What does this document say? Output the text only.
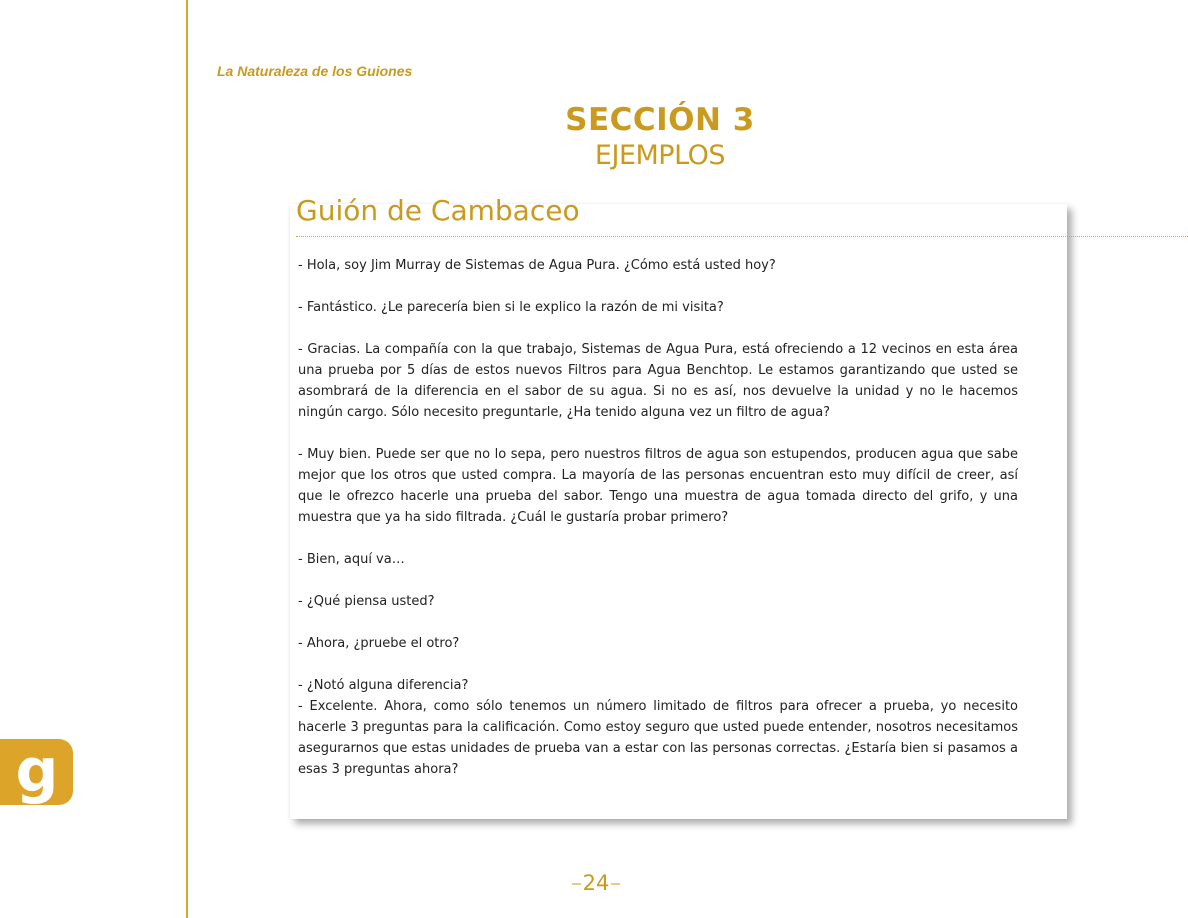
La Naturaleza de los Guiones
SECCIÓN 3
EJEMPLOS
Guión de Cambaceo

- Hola, soy Jim Murray de Sistemas de Agua Pura. ¿Cómo está usted hoy?

- Fantástico. ¿Le parecería bien si le explico la razón de mi visita?

- Gracias. La compañía con la que trabajo, Sistemas de Agua Pura, está ofreciendo a 12 vecinos en esta área una prueba por 5 días de estos nuevos Filtros para Agua Benchtop. Le estamos garantizando que usted se asombrará de la diferencia en el sabor de su agua. Si no es así, nos devuelve la unidad y no le hacemos ningún cargo. Sólo necesito preguntarle, ¿Ha tenido alguna vez un filtro de agua?

- Muy bien. Puede ser que no lo sepa, pero nuestros filtros de agua son estupendos, producen agua que sabe mejor que los otros que usted compra. La mayoría de las personas encuentran esto muy difícil de creer, así que le ofrezco hacerle una prueba del sabor. Tengo una muestra de agua tomada directo del grifo, y una muestra que ya ha sido filtrada. ¿Cuál le gustaría probar primero?

- Bien, aquí va…

- ¿Qué piensa usted?

- Ahora, ¿pruebe el otro?

- ¿Notó alguna diferencia?

- Excelente. Ahora, como sólo tenemos un número limitado de filtros para ofrecer a prueba, yo necesito hacerle 3 preguntas para la calificación. Como estoy seguro que usted puede entender, nosotros necesitamos asegurarnos que estas unidades de prueba van a estar con las personas correctas. ¿Estaría bien si pasamos a esas 3 preguntas ahora?

g
24
